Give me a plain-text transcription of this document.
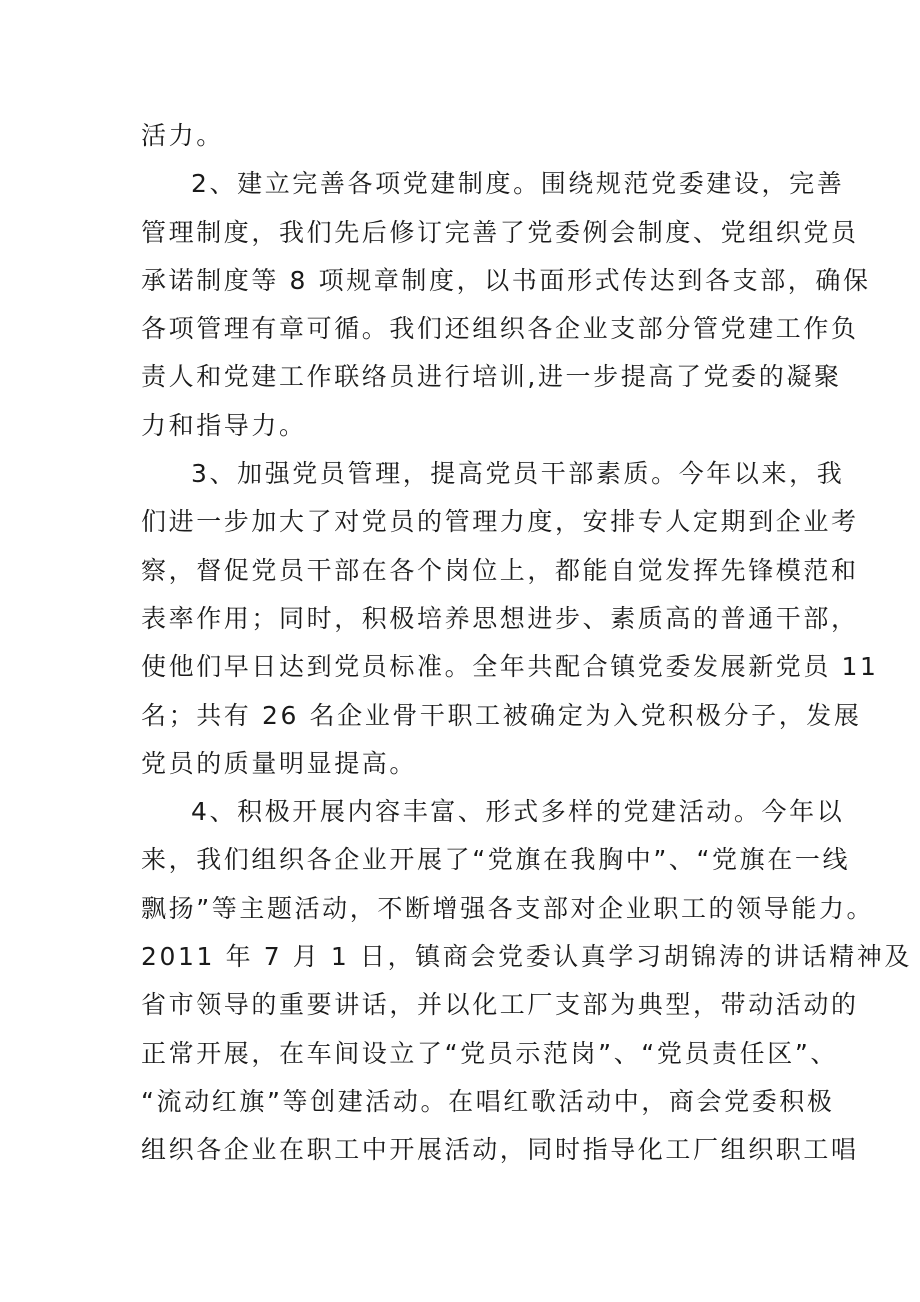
活力。
2、建立完善各项党建制度。围绕规范党委建设，完善
管理制度，我们先后修订完善了党委例会制度、党组织党员
承诺制度等 8 项规章制度，以书面形式传达到各支部，确保
各项管理有章可循。我们还组织各企业支部分管党建工作负
责人和党建工作联络员进行培训,进一步提高了党委的凝聚
力和指导力。
3、加强党员管理，提高党员干部素质。今年以来，我
们进一步加大了对党员的管理力度，安排专人定期到企业考
察，督促党员干部在各个岗位上，都能自觉发挥先锋模范和
表率作用；同时，积极培养思想进步、素质高的普通干部，
使他们早日达到党员标准。全年共配合镇党委发展新党员 11
名；共有 26 名企业骨干职工被确定为入党积极分子，发展
党员的质量明显提高。
4、积极开展内容丰富、形式多样的党建活动。今年以
来，我们组织各企业开展了“党旗在我胸中”、“党旗在一线
飘扬”等主题活动，不断增强各支部对企业职工的领导能力。
2011 年 7 月 1 日，镇商会党委认真学习胡锦涛的讲话精神及
省市领导的重要讲话，并以化工厂支部为典型，带动活动的
正常开展，在车间设立了“党员示范岗”、“党员责任区”、
“流动红旗”等创建活动。在唱红歌活动中，商会党委积极
组织各企业在职工中开展活动，同时指导化工厂组织职工唱
